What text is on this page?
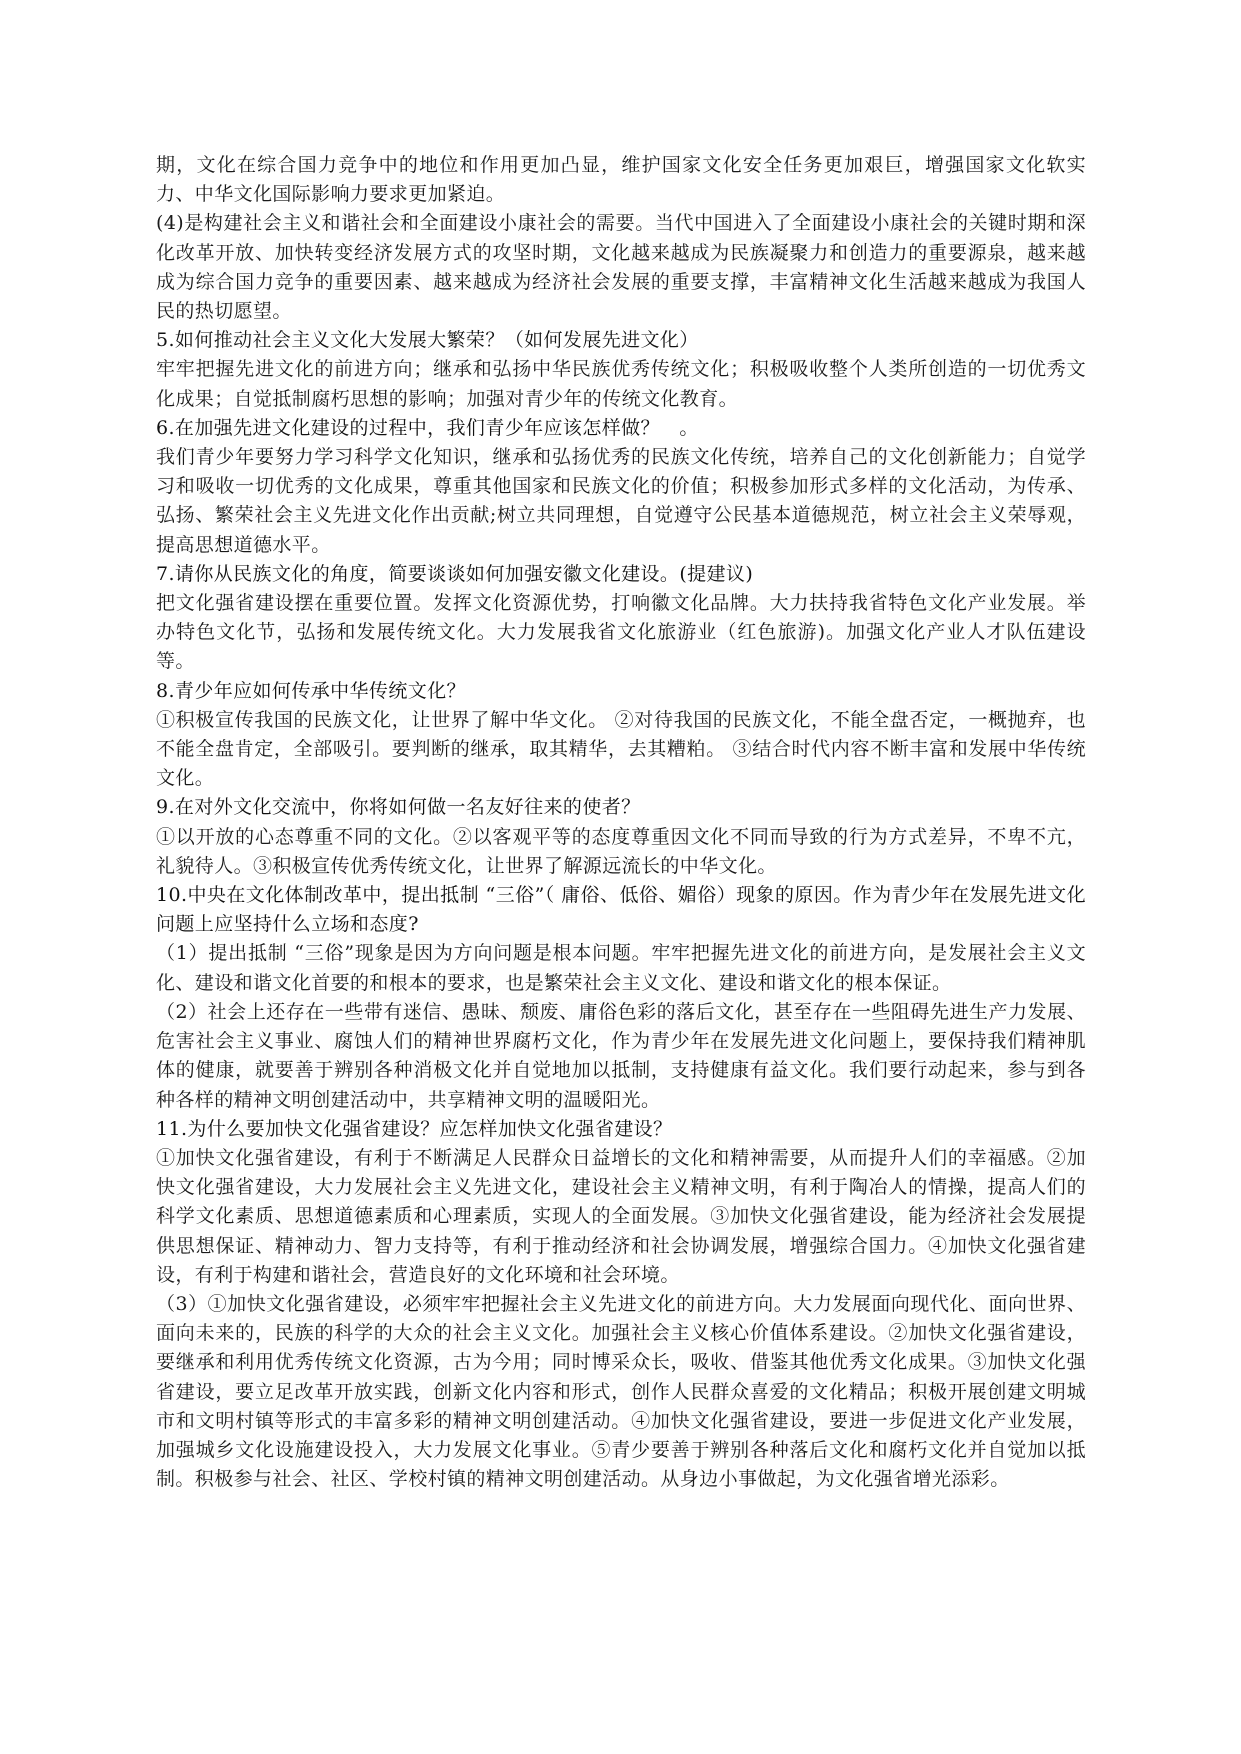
期，文化在综合国力竞争中的地位和作用更加凸显，维护国家文化安全任务更加艰巨，增强国家文化软实力、中华文化国际影响力要求更加紧迫。

(4)是构建社会主义和谐社会和全面建设小康社会的需要。当代中国进入了全面建设小康社会的关键时期和深化改革开放、加快转变经济发展方式的攻坚时期，文化越来越成为民族凝聚力和创造力的重要源泉，越来越成为综合国力竞争的重要因素、越来越成为经济社会发展的重要支撑，丰富精神文化生活越来越成为我国人民的热切愿望。

5.如何推动社会主义文化大发展大繁荣？（如何发展先进文化）

牢牢把握先进文化的前进方向；继承和弘扬中华民族优秀传统文化；积极吸收整个人类所创造的一切优秀文化成果；自觉抵制腐朽思想的影响；加强对青少年的传统文化教育。

6.在加强先进文化建设的过程中，我们青少年应该怎样做？　。

我们青少年要努力学习科学文化知识，继承和弘扬优秀的民族文化传统，培养自己的文化创新能力；自觉学习和吸收一切优秀的文化成果，尊重其他国家和民族文化的价值；积极参加形式多样的文化活动，为传承、弘扬、繁荣社会主义先进文化作出贡献;树立共同理想，自觉遵守公民基本道德规范，树立社会主义荣辱观，提高思想道德水平。

7.请你从民族文化的角度，简要谈谈如何加强安徽文化建设。(提建议)

把文化强省建设摆在重要位置。发挥文化资源优势，打响徽文化品牌。大力扶持我省特色文化产业发展。举办特色文化节，弘扬和发展传统文化。大力发展我省文化旅游业（红色旅游)。加强文化产业人才队伍建设等。

8.青少年应如何传承中华传统文化？

①积极宣传我国的民族文化，让世界了解中华文化。 ②对待我国的民族文化，不能全盘否定，一概抛弃，也不能全盘肯定，全部吸引。要判断的继承，取其精华，去其糟粕。 ③结合时代内容不断丰富和发展中华传统文化。

9.在对外文化交流中，你将如何做一名友好往来的使者？

①以开放的心态尊重不同的文化。②以客观平等的态度尊重因文化不同而导致的行为方式差异，不卑不亢，礼貌待人。③积极宣传优秀传统文化，让世界了解源远流长的中华文化。

10.中央在文化体制改革中，提出抵制 “三俗”（ 庸俗、低俗、媚俗）现象的原因。作为青少年在发展先进文化问题上应坚持什么立场和态度?

（1）提出抵制 “三俗”现象是因为方向问题是根本问题。牢牢把握先进文化的前进方向，是发展社会主义文化、建设和谐文化首要的和根本的要求，也是繁荣社会主义文化、建设和谐文化的根本保证。

（2）社会上还存在一些带有迷信、愚昧、颓废、庸俗色彩的落后文化，甚至存在一些阻碍先进生产力发展、危害社会主义事业、腐蚀人们的精神世界腐朽文化，作为青少年在发展先进文化问题上，要保持我们精神肌体的健康，就要善于辨别各种消极文化并自觉地加以抵制，支持健康有益文化。我们要行动起来，参与到各种各样的精神文明创建活动中，共享精神文明的温暖阳光。

11.为什么要加快文化强省建设？应怎样加快文化强省建设？

①加快文化强省建设，有利于不断满足人民群众日益增长的文化和精神需要，从而提升人们的幸福感。②加快文化强省建设，大力发展社会主义先进文化，建设社会主义精神文明，有利于陶冶人的情操，提高人们的科学文化素质、思想道德素质和心理素质，实现人的全面发展。③加快文化强省建设，能为经济社会发展提供思想保证、精神动力、智力支持等，有利于推动经济和社会协调发展，增强综合国力。④加快文化强省建设，有利于构建和谐社会，营造良好的文化环境和社会环境。

（3）①加快文化强省建设，必须牢牢把握社会主义先进文化的前进方向。大力发展面向现代化、面向世界、面向未来的，民族的科学的大众的社会主义文化。加强社会主义核心价值体系建设。②加快文化强省建设，要继承和利用优秀传统文化资源，古为今用；同时博采众长，吸收、借鉴其他优秀文化成果。③加快文化强省建设，要立足改革开放实践，创新文化内容和形式，创作人民群众喜爱的文化精品；积极开展创建文明城市和文明村镇等形式的丰富多彩的精神文明创建活动。④加快文化强省建设，要进一步促进文化产业发展，加强城乡文化设施建设投入，大力发展文化事业。⑤青少要善于辨别各种落后文化和腐朽文化并自觉加以抵制。积极参与社会、社区、学校村镇的精神文明创建活动。从身边小事做起，为文化强省增光添彩。
